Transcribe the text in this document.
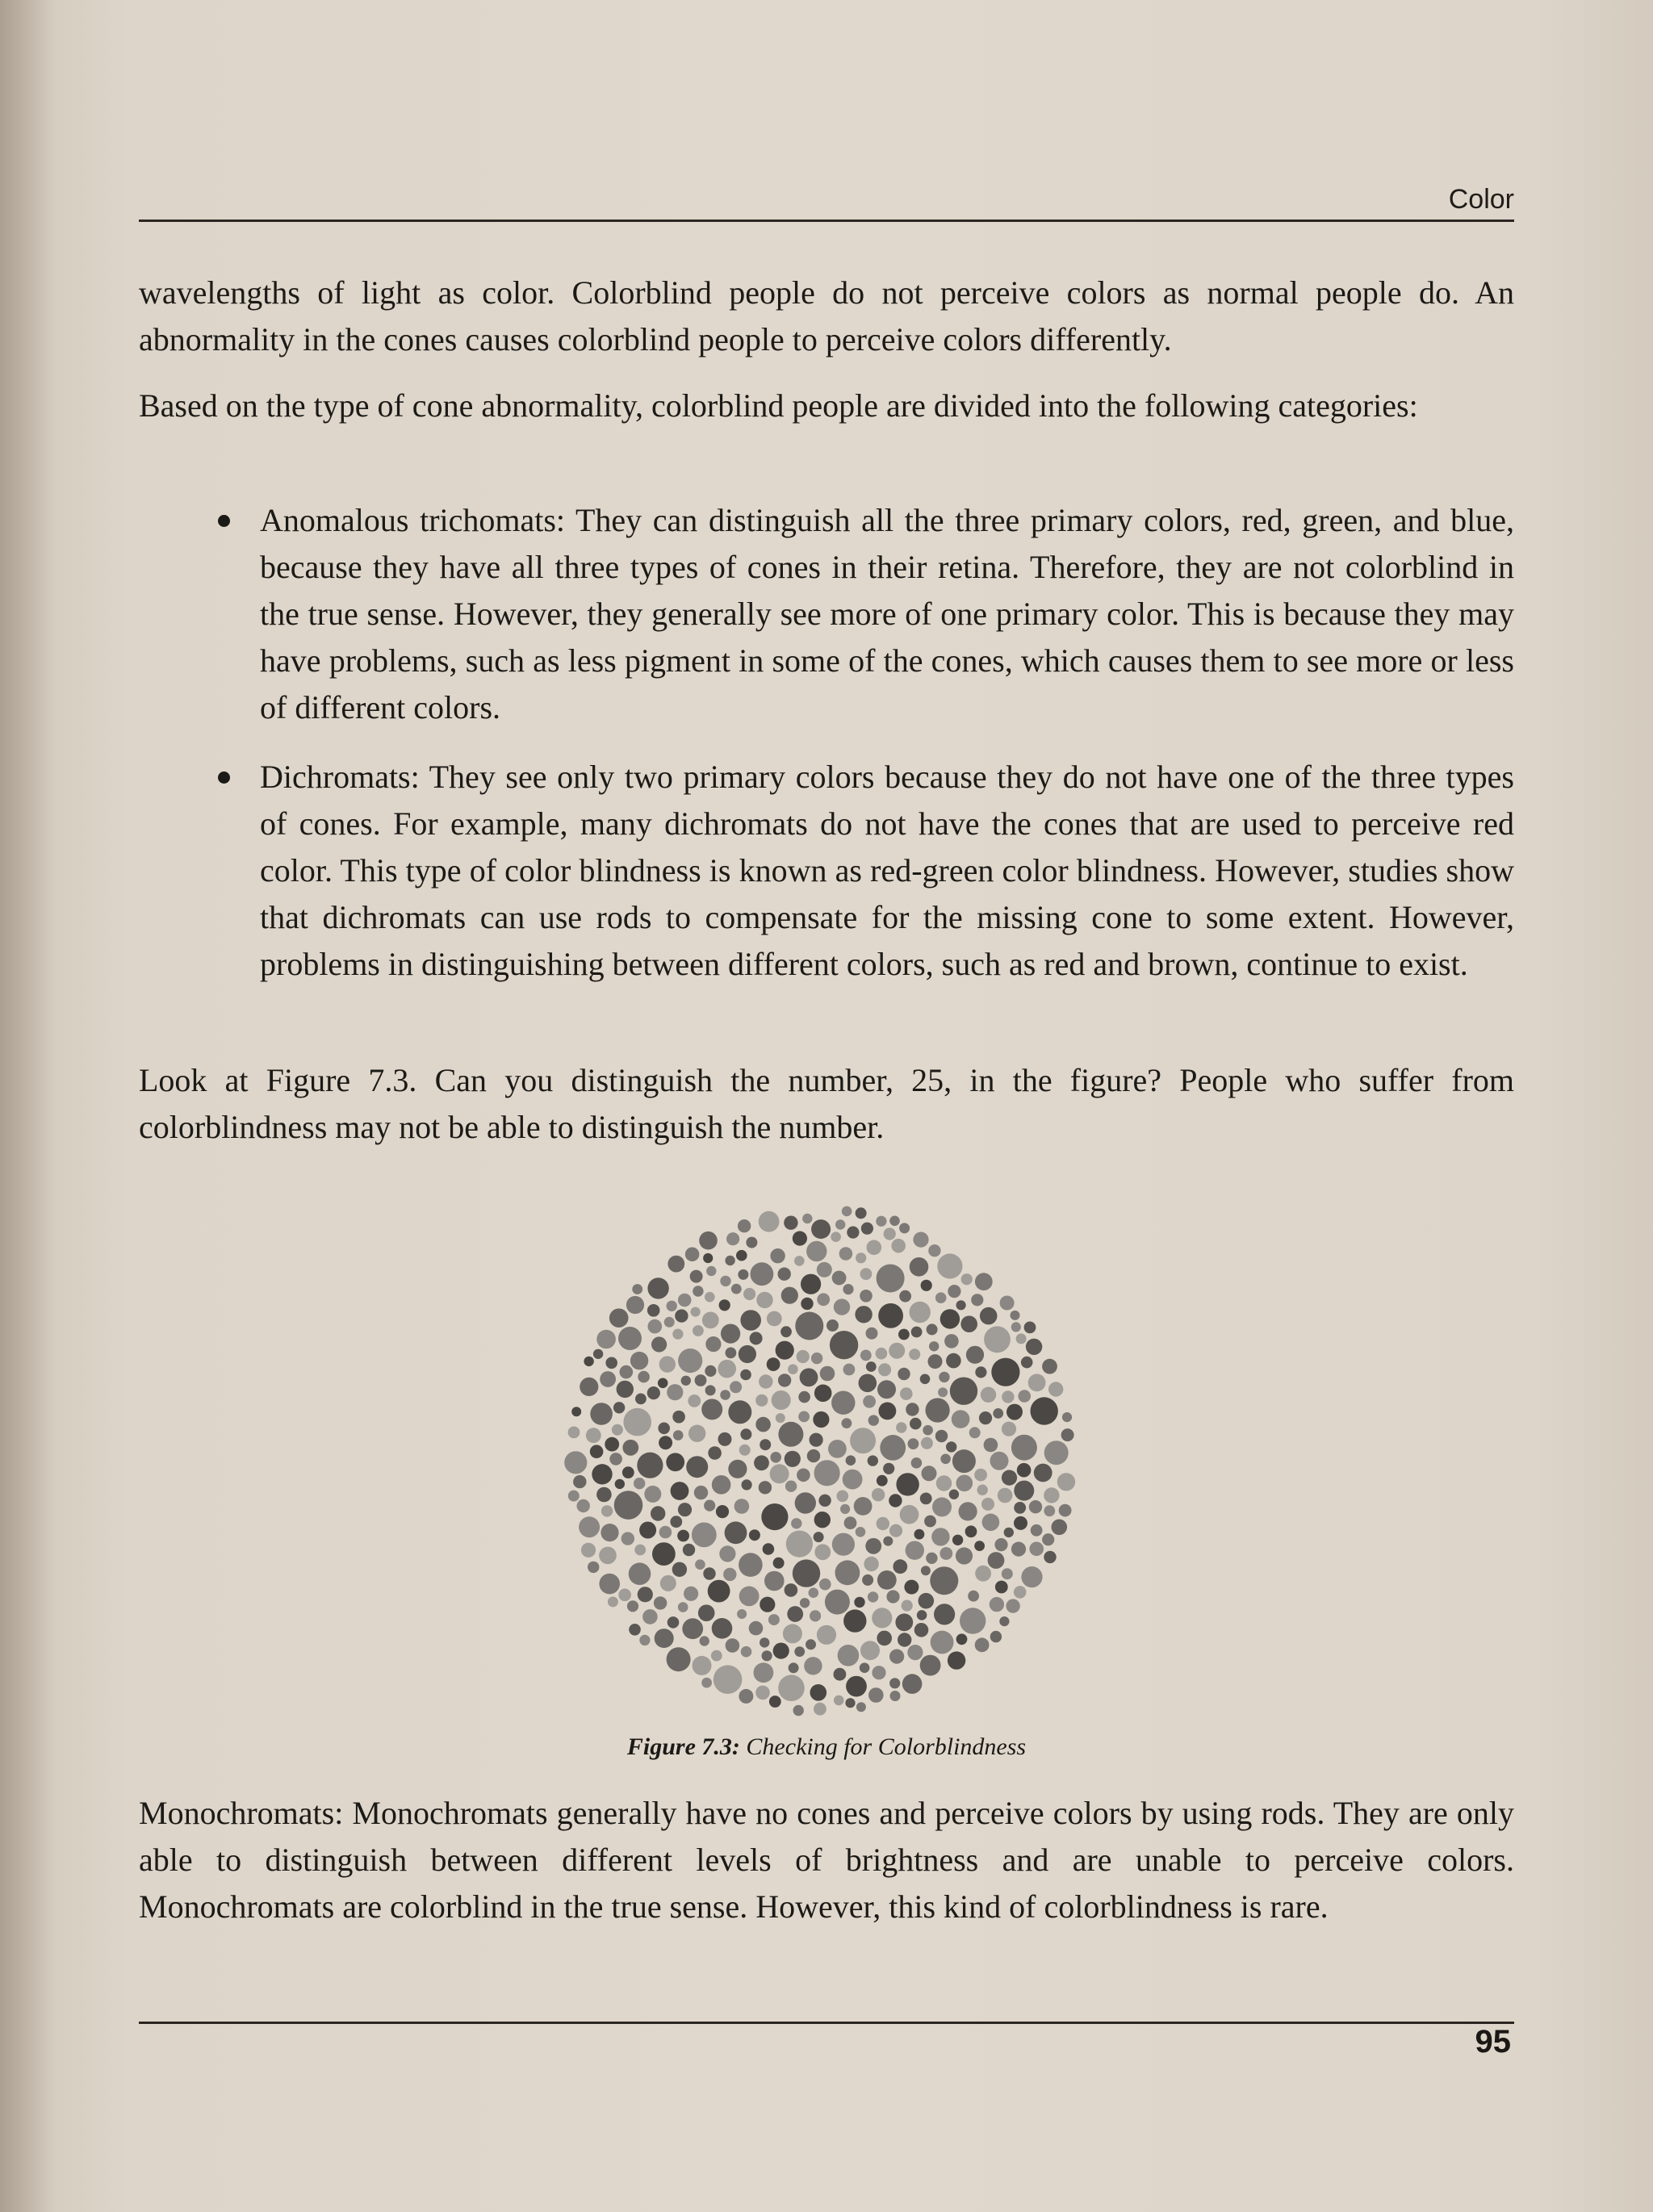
Color
wavelengths of light as color. Colorblind people do not perceive colors as normal people do. An abnormality in the cones causes colorblind people to perceive colors differently.
Based on the type of cone abnormality, colorblind people are divided into the following categories:
Anomalous trichomats: They can distinguish all the three primary colors, red, green, and blue, because they have all three types of cones in their retina. Therefore, they are not colorblind in the true sense. However, they generally see more of one primary color. This is because they may have problems, such as less pigment in some of the cones, which causes them to see more or less of different colors.
Dichromats: They see only two primary colors because they do not have one of the three types of cones. For example, many dichromats do not have the cones that are used to perceive red color. This type of color blindness is known as red-green color blindness. However, studies show that dichromats can use rods to compensate for the missing cone to some extent. However, problems in distinguishing between different colors, such as red and brown, continue to exist.
Look at Figure 7.3. Can you distinguish the number, 25, in the figure? People who suffer from colorblindness may not be able to distinguish the number.
Figure 7.3: Checking for Colorblindness
Monochromats: Monochromats generally have no cones and perceive colors by using rods. They are only able to distinguish between different levels of brightness and are unable to perceive colors. Monochromats are colorblind in the true sense. However, this kind of colorblindness is rare.
95
